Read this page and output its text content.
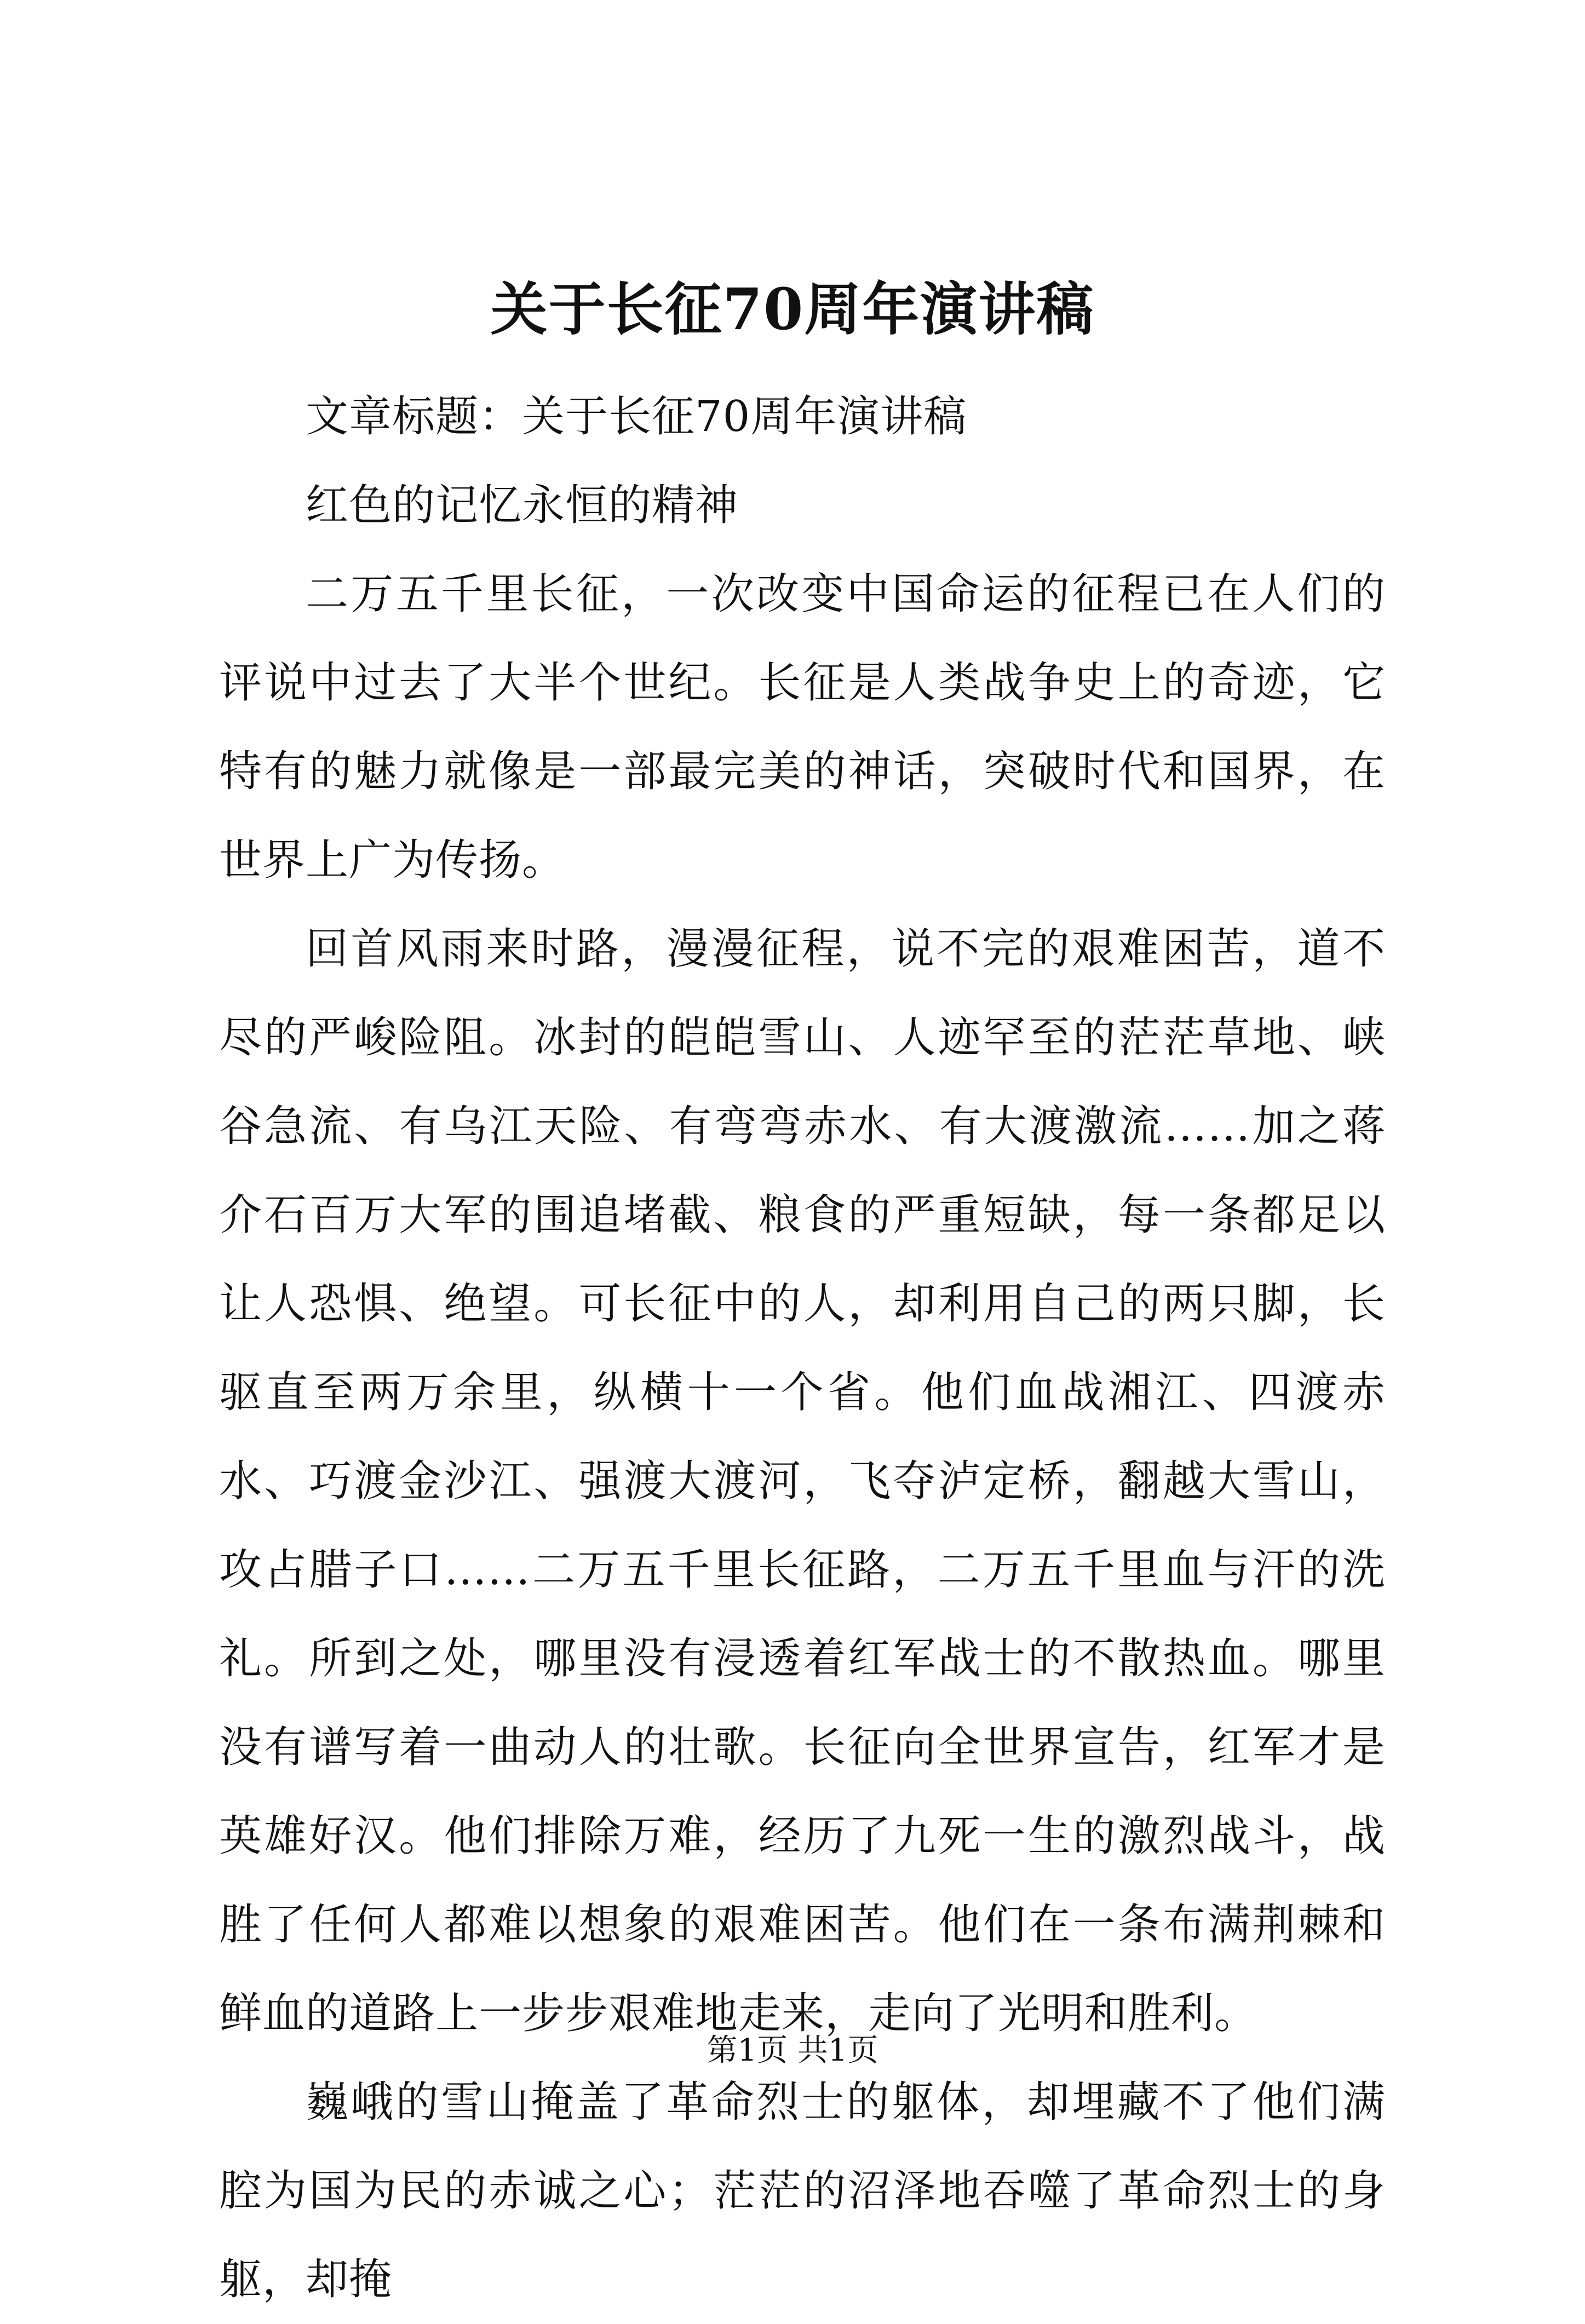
关于长征70周年演讲稿

文章标题：关于长征70周年演讲稿

红色的记忆永恒的精神

二万五千里长征，一次改变中国命运的征程已在人们的评说中过去了大半个世纪。长征是人类战争史上的奇迹，它特有的魅力就像是一部最完美的神话，突破时代和国界，在世界上广为传扬。

回首风雨来时路，漫漫征程，说不完的艰难困苦，道不尽的严峻险阻。冰封的皑皑雪山、人迹罕至的茫茫草地、峡谷急流、有乌江天险、有弯弯赤水、有大渡激流……加之蒋介石百万大军的围追堵截、粮食的严重短缺，每一条都足以让人恐惧、绝望。可长征中的人，却利用自己的两只脚，长驱直至两万余里，纵横十一个省。他们血战湘江、四渡赤水、巧渡金沙江、强渡大渡河，飞夺泸定桥，翻越大雪山，攻占腊子口……二万五千里长征路，二万五千里血与汗的洗礼。所到之处，哪里没有浸透着红军战士的不散热血。哪里没有谱写着一曲动人的壮歌。长征向全世界宣告，红军才是英雄好汉。他们排除万难，经历了九死一生的激烈战斗，战胜了任何人都难以想象的艰难困苦。他们在一条布满荆棘和鲜血的道路上一步步艰难地走来，走向了光明和胜利。

巍峨的雪山掩盖了革命烈士的躯体，却埋藏不了他们满腔为国为民的赤诚之心；茫茫的沼泽地吞噬了革命烈士的身躯，却掩

第1页 共1页
